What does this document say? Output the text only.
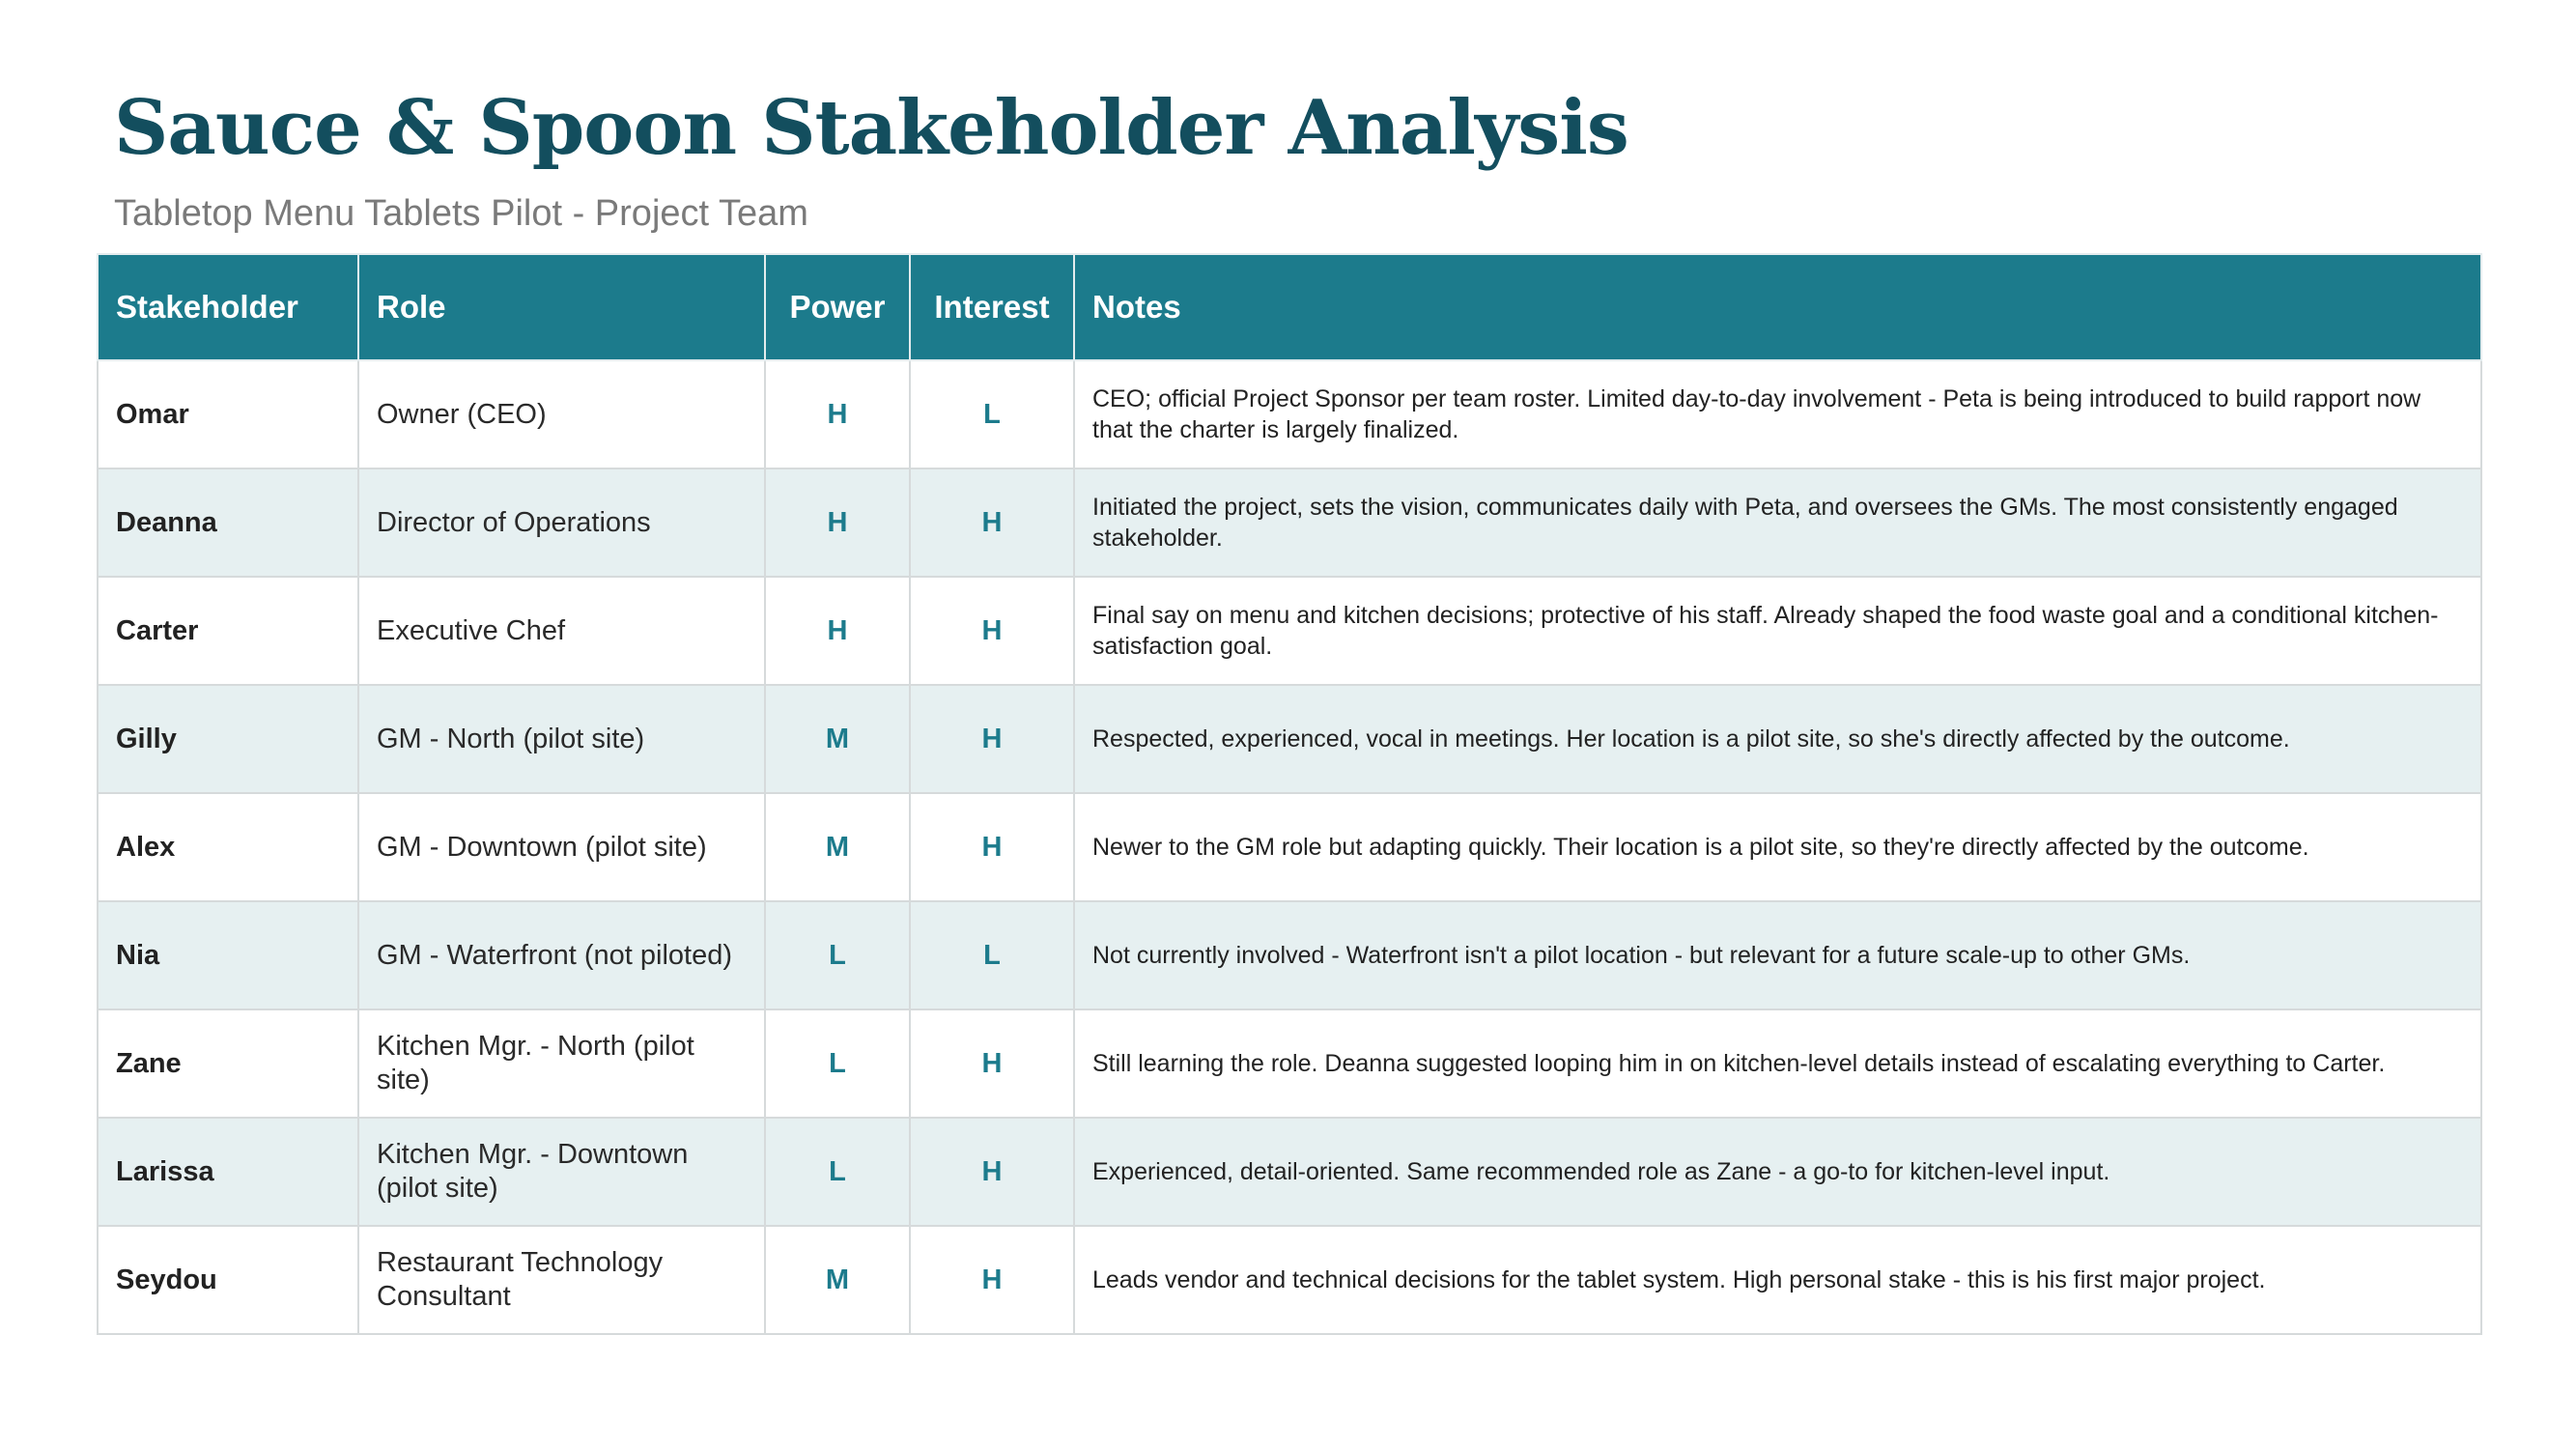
Sauce & Spoon Stakeholder Analysis
Tabletop Menu Tablets Pilot - Project Team
Stakeholder	Role	Power	Interest	Notes
Omar	Owner (CEO)	H	L	CEO; official Project Sponsor per team roster. Limited day-to-day involvement - Peta is being introduced to build rapport now that the charter is largely finalized.
Deanna	Director of Operations	H	H	Initiated the project, sets the vision, communicates daily with Peta, and oversees the GMs. The most consistently engaged stakeholder.
Carter	Executive Chef	H	H	Final say on menu and kitchen decisions; protective of his staff. Already shaped the food waste goal and a conditional kitchen-satisfaction goal.
Gilly	GM - North (pilot site)	M	H	Respected, experienced, vocal in meetings. Her location is a pilot site, so she's directly affected by the outcome.
Alex	GM - Downtown (pilot site)	M	H	Newer to the GM role but adapting quickly. Their location is a pilot site, so they're directly affected by the outcome.
Nia	GM - Waterfront (not piloted)	L	L	Not currently involved - Waterfront isn't a pilot location - but relevant for a future scale-up to other GMs.
Zane	Kitchen Mgr. - North (pilot site)	L	H	Still learning the role. Deanna suggested looping him in on kitchen-level details instead of escalating everything to Carter.
Larissa	Kitchen Mgr. - Downtown (pilot site)	L	H	Experienced, detail-oriented. Same recommended role as Zane - a go-to for kitchen-level input.
Seydou	Restaurant Technology Consultant	M	H	Leads vendor and technical decisions for the tablet system. High personal stake - this is his first major project.
